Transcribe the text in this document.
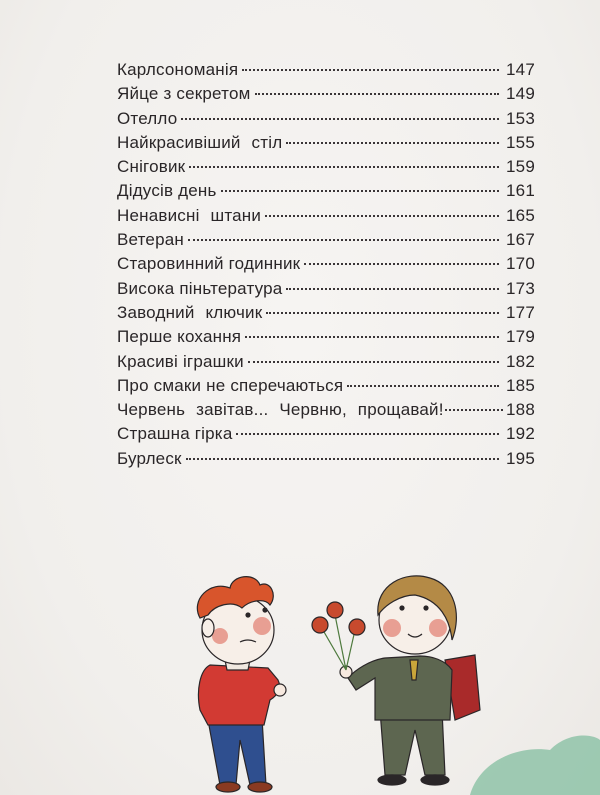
Карлсономанія	147
Яйце з секретом	149
Отелло	153
Найкрасивіший стіл	155
Сніговик	159
Дідусів день	161
Ненависні штани	165
Ветеран	167
Старовинний годинник	170
Висока піньтература	173
Заводний ключик	177
Перше кохання	179
Красиві іграшки	182
Про смаки не сперечаються	185
Червень завітав... Червню, прощавай!	188
Страшна гірка	192
Бурлеск	195
